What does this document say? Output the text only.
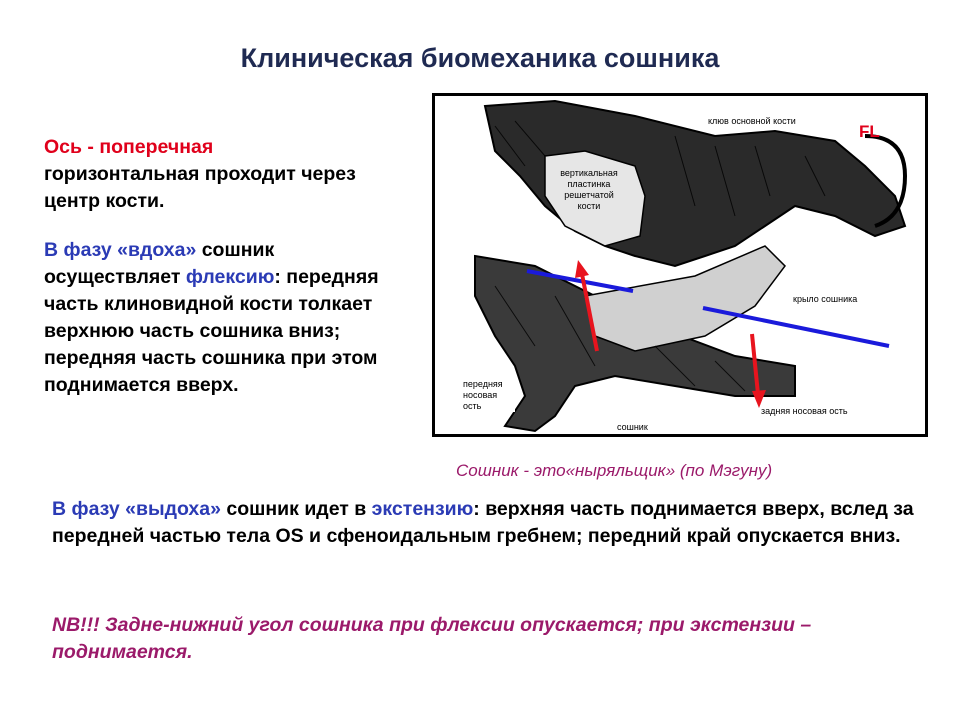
Клиническая биомеханика сошника
Ось - поперечная
горизонтальная проходит через центр кости.
В фазу «вдоха» сошник осуществляет флексию: передняя часть клиновидной кости толкает верхнюю часть сошника вниз; передняя часть сошника при этом поднимается вверх.
FL
клюв основной кости
вертикальная пластинка решетчатой кости
крыло сошника
задняя носовая ость
передняя носовая ость
сошник
Сошник - это«ныряльщик» (по Мэгуну)
В фазу «выдоха» сошник идет в экстензию: верхняя часть поднимается вверх, вслед за передней частью тела OS и сфеноидальным гребнем; передний край опускается вниз.
NB!!! Задне-нижний угол сошника при флексии опускается; при экстензии – поднимается.
